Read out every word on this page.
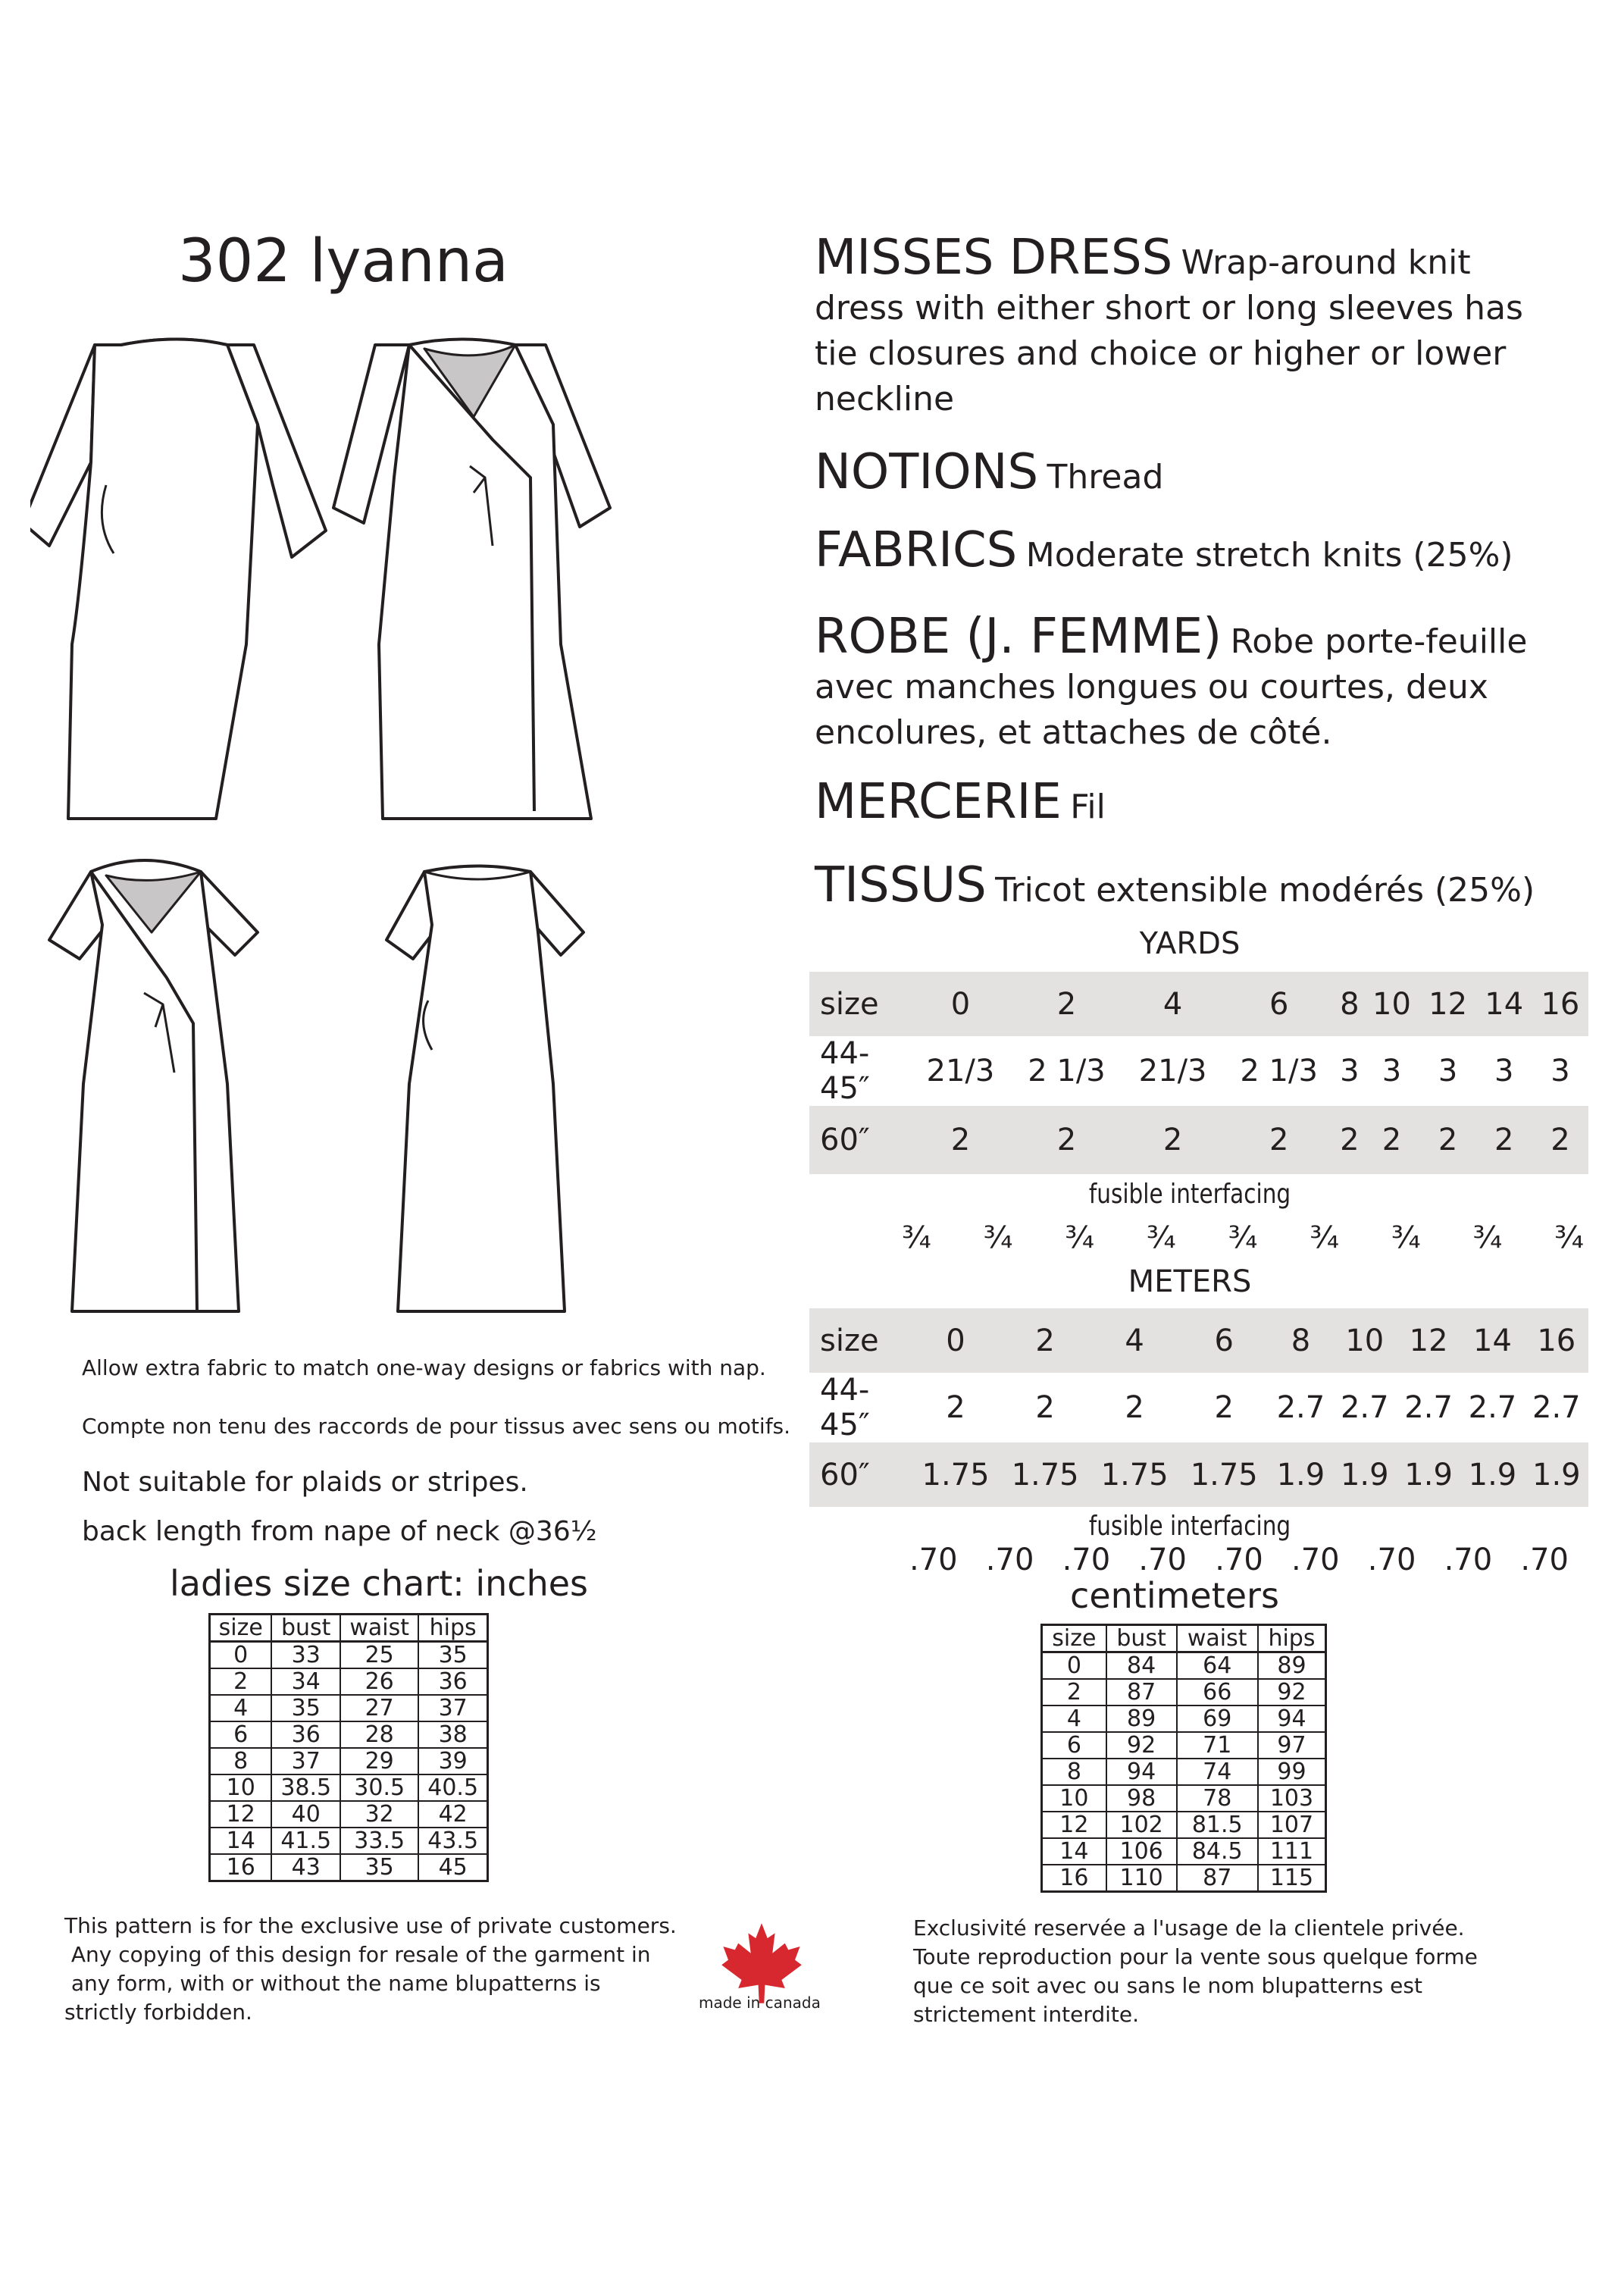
302 lyanna
Allow extra fabric to match one-way designs or fabrics with nap.
Compte non tenu des raccords de pour tissus avec sens ou motifs.
Not suitable for plaids or stripes.
back length from nape of neck @36½
ladies size chart: inches
size	bust	waist	hips
0	33	25	35
2	34	26	36
4	35	27	37
6	36	28	38
8	37	29	39
10	38.5	30.5	40.5
12	40	32	42
14	41.5	33.5	43.5
16	43	35	45
This pattern is for the exclusive use of private customers.
Any copying of this design for resale of the garment in
any form, with or without the name blupatterns is
strictly forbidden.	made in canada
MISSES DRESS Wrap-around knit
dress with either short or long sleeves has
tie closures and choice or higher or lower
neckline
NOTIONS Thread
FABRICS Moderate stretch knits (25%)
ROBE (J. FEMME) Robe porte-feuille
avec manches longues ou courtes, deux
encolures, et attaches de côté.
MERCERIE Fil
TISSUS Tricot extensible modérés (25%)
YARDS
size	0	2	4	6	8	10	12	14	16
44-45″	21/3	2 1/3	21/3	2 1/3	3	3	3	3	3
60″	2	2	2	2	2	2	2	2	2
fusible interfacing
¾ ¾ ¾ ¾ ¾ ¾ ¾ ¾ ¾
METERS
size	0	2	4	6	8	10	12	14	16
44-45″	2	2	2	2	2.7	2.7	2.7	2.7	2.7
60″	1.75	1.75	1.75	1.75	1.9	1.9	1.9	1.9	1.9
fusible interfacing
.70 .70 .70 .70 .70 .70 .70 .70 .70
centimeters
size	bust	waist	hips
0	84	64	89
2	87	66	92
4	89	69	94
6	92	71	97
8	94	74	99
10	98	78	103
12	102	81.5	107
14	106	84.5	111
16	110	87	115
Exclusivité reservée a l'usage de la clientele privée.
Toute reproduction pour la vente sous quelque forme
que ce soit avec ou sans le nom blupatterns est
strictement interdite.
